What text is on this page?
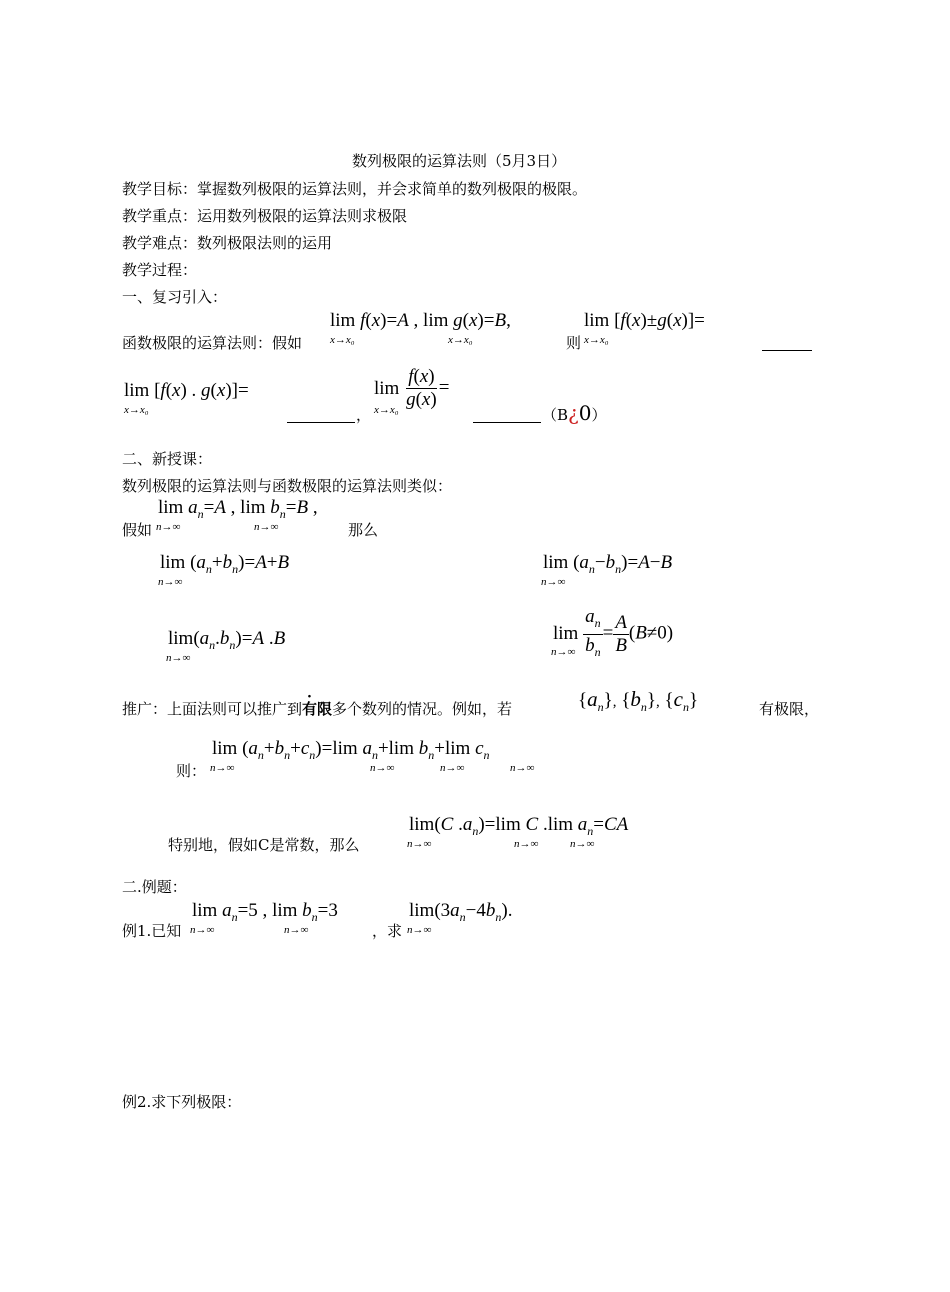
数列极限的运算法则（5月3日）
教学目标：掌握数列极限的运算法则，并会求简单的数列极限的极限。
教学重点：运用数列极限的运算法则求极限
教学难点：数列极限法则的运用
教学过程：
一、复习引入：
函数极限的运算法则：假如
lim f(x)=A , lim g(x)=B,
x→x₀	x→x₀	则
lim [f(x)±g(x)]=
x→x₀
lim [f(x) . g(x)]=
x→x₀	，
$\lim \frac{f(x)}{g(x)}$ =
x→x₀	（B¿0）
二、新授课：
数列极限的运算法则与函数极限的运算法则类似：
假如
$\lim a_n=A$ , $\lim b_n=B$ ,
n→∞	n→∞	那么
$\lim (a_n+b_n)=A+B$
n→∞
$\lim (a_n-b_n)=A-B$
n→∞
$\lim(a_n.b_n)=A$ .B
n→∞
$\lim \frac{a_n}{b_n} = \frac{A}{B} (B\ne 0)$
n→∞
推广：上面法则可以推广到有限多个数列的情况。例如，若	$\{a_n\}$, $\{b_n\}$, $\{c_n\}$	有极限，
则：
$\lim (a_n+b_n+c_n)=\lim$ $a_n+\lim$ $b_n+\lim$ $c_n$
n→∞	n→∞	n→∞	n→∞
特别地，假如C是常数，那么
lim(C $.a_n)=\lim$ C .lim $a_n=CA$
n→∞	n→∞	n→∞
二.例题：
例1.已知
$\lim a_n=5$ , $\lim b_n=3$
n→∞	n→∞	，求
$\lim(3a_n-4b_n)$.
n→∞
例2.求下列极限：
